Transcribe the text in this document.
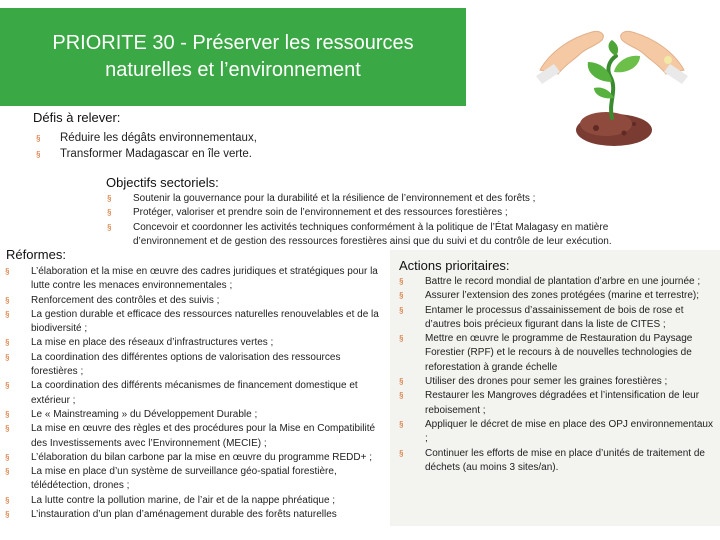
PRIORITE 30 - Préserver les ressources naturelles et l’environnement
Défis à relever:
§ Réduire les dégâts environnementaux,
§ Transformer Madagascar en île verte.
Objectifs sectoriels:
§ Soutenir la gouvernance pour la durabilité et la résilience de l’environnement et des forêts ;
§ Protéger, valoriser et prendre soin de l’environnement et des ressources forestières ;
§ Concevoir et coordonner les activités techniques conformément à la politique de l’État Malagasy en matière d’environnement et de gestion des ressources forestières ainsi que du suivi et du contrôle de leur exécution.
Réformes:
§ L’élaboration et la mise en œuvre des cadres juridiques et stratégiques pour la lutte contre les menaces environnementales ;
§ Renforcement des contrôles et des suivis ;
§ La gestion durable et efficace des ressources naturelles renouvelables et de la biodiversité ;
§ La mise en place des réseaux d’infrastructures vertes ;
§ La coordination des différentes options de valorisation des ressources forestières ;
§ La coordination des différents mécanismes de financement domestique et extérieur ;
§ Le « Mainstreaming » du Développement Durable ;
§ La mise en œuvre des règles et des procédures pour la Mise en Compatibilité des Investissements avec l’Environnement (MECIE) ;
§ L’élaboration du bilan carbone par la mise en œuvre du programme REDD+ ;
§ La mise en place d’un système de surveillance géo-spatial forestière, télédétection, drones ;
§ La lutte contre la pollution marine, de l’air et de la nappe phréatique ;
§ L’instauration d’un plan d’aménagement durable des forêts naturelles
Actions prioritaires:
§ Battre le record mondial de plantation d’arbre en une journée ;
§ Assurer l’extension des zones protégées (marine et terrestre);
§ Entamer le processus d’assainissement de bois de rose et d’autres bois précieux figurant dans la liste de CITES ;
§ Mettre en œuvre le programme de Restauration du Paysage Forestier (RPF) et le recours à de nouvelles technologies de reforestation à grande échelle
§ Utiliser des drones pour semer les graines forestières ;
§ Restaurer les Mangroves dégradées et l’intensification de leur reboisement ;
§ Appliquer le décret de mise en place des OPJ environnementaux ;
§ Continuer les efforts de mise en place d’unités de traitement de déchets (au moins 3 sites/an).
